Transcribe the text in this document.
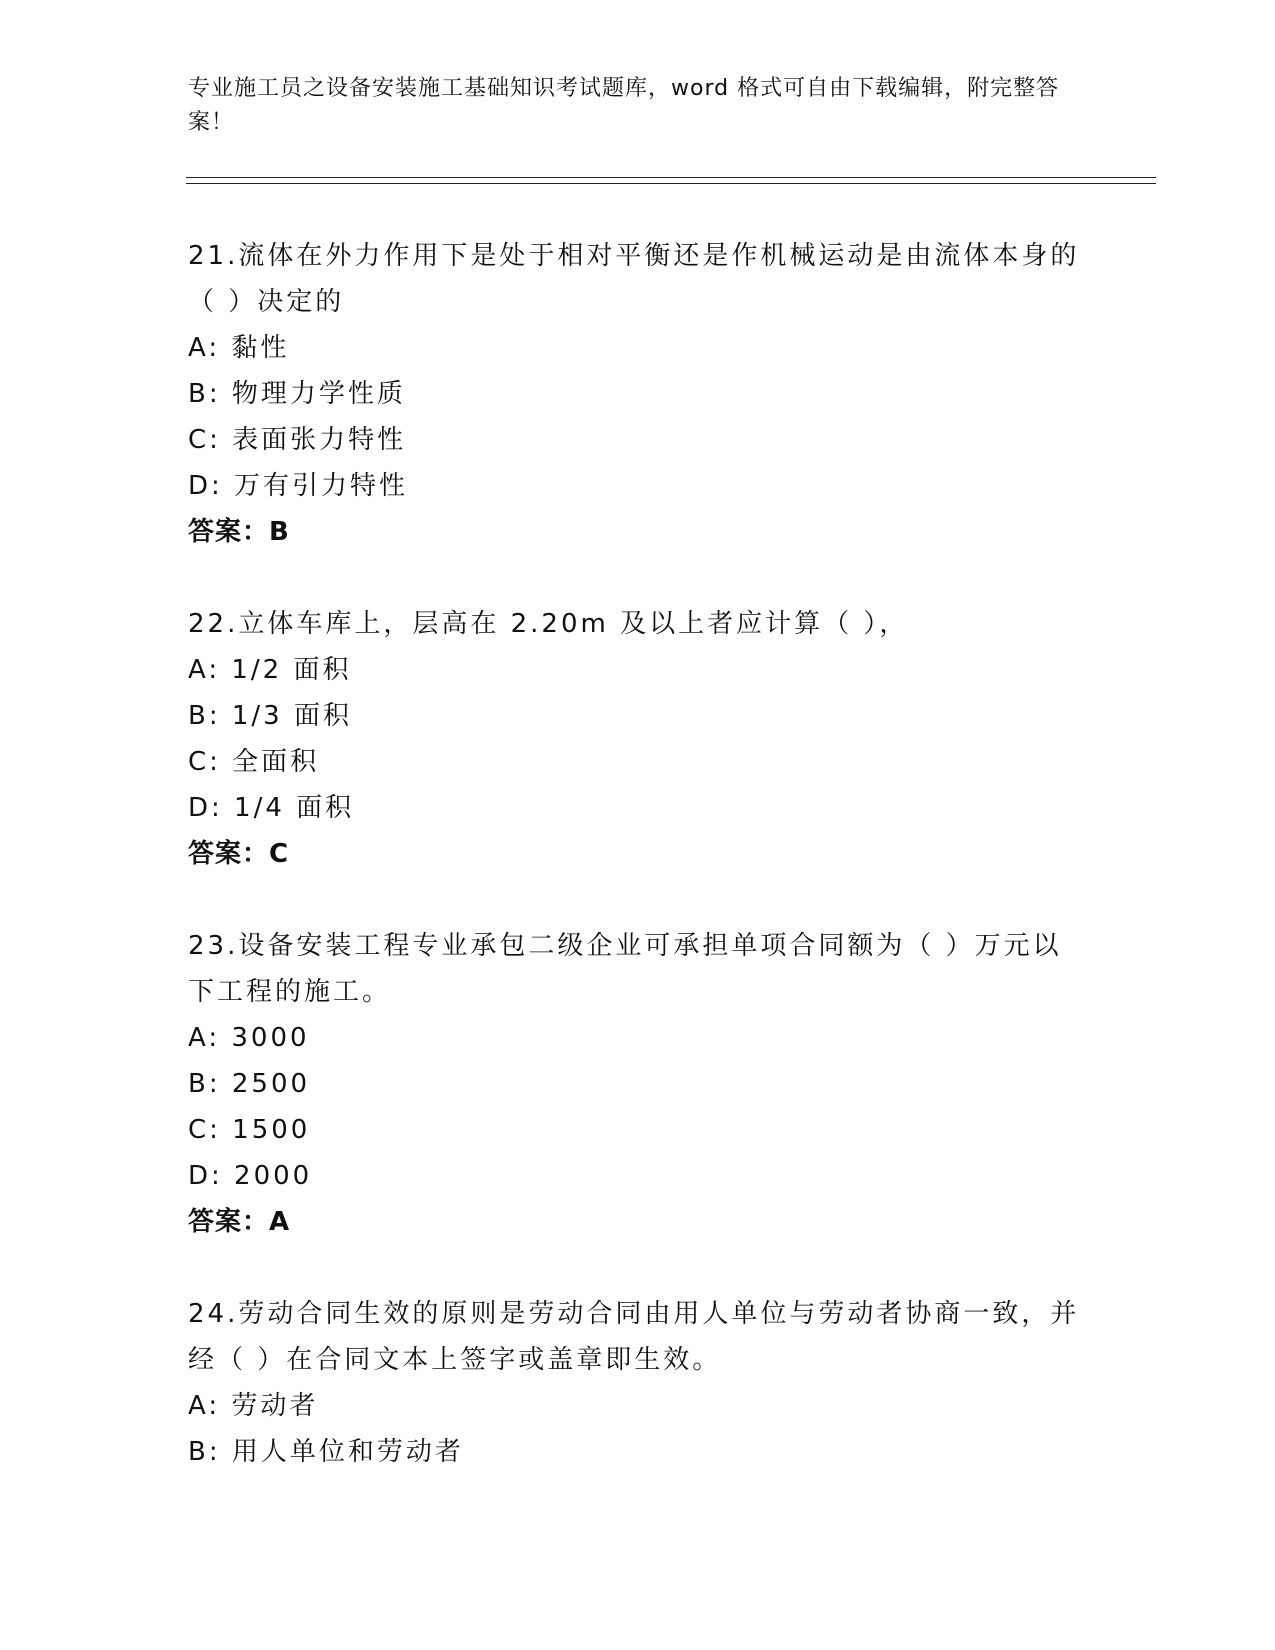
专业施工员之设备安装施工基础知识考试题库，word 格式可自由下载编辑，附完整答案！
21.流体在外力作用下是处于相对平衡还是作机械运动是由流体本身的（ ）决定的
A: 黏性
B: 物理力学性质
C: 表面张力特性
D: 万有引力特性
答案：B
22.立体车库上，层高在 2.20m 及以上者应计算（ ），
A: 1/2 面积
B: 1/3 面积
C: 全面积
D: 1/4 面积
答案：C
23.设备安装工程专业承包二级企业可承担单项合同额为（ ）万元以下工程的施工。
A: 3000
B: 2500
C: 1500
D: 2000
答案：A
24.劳动合同生效的原则是劳动合同由用人单位与劳动者协商一致，并经（ ）在合同文本上签字或盖章即生效。
A: 劳动者
B: 用人单位和劳动者
